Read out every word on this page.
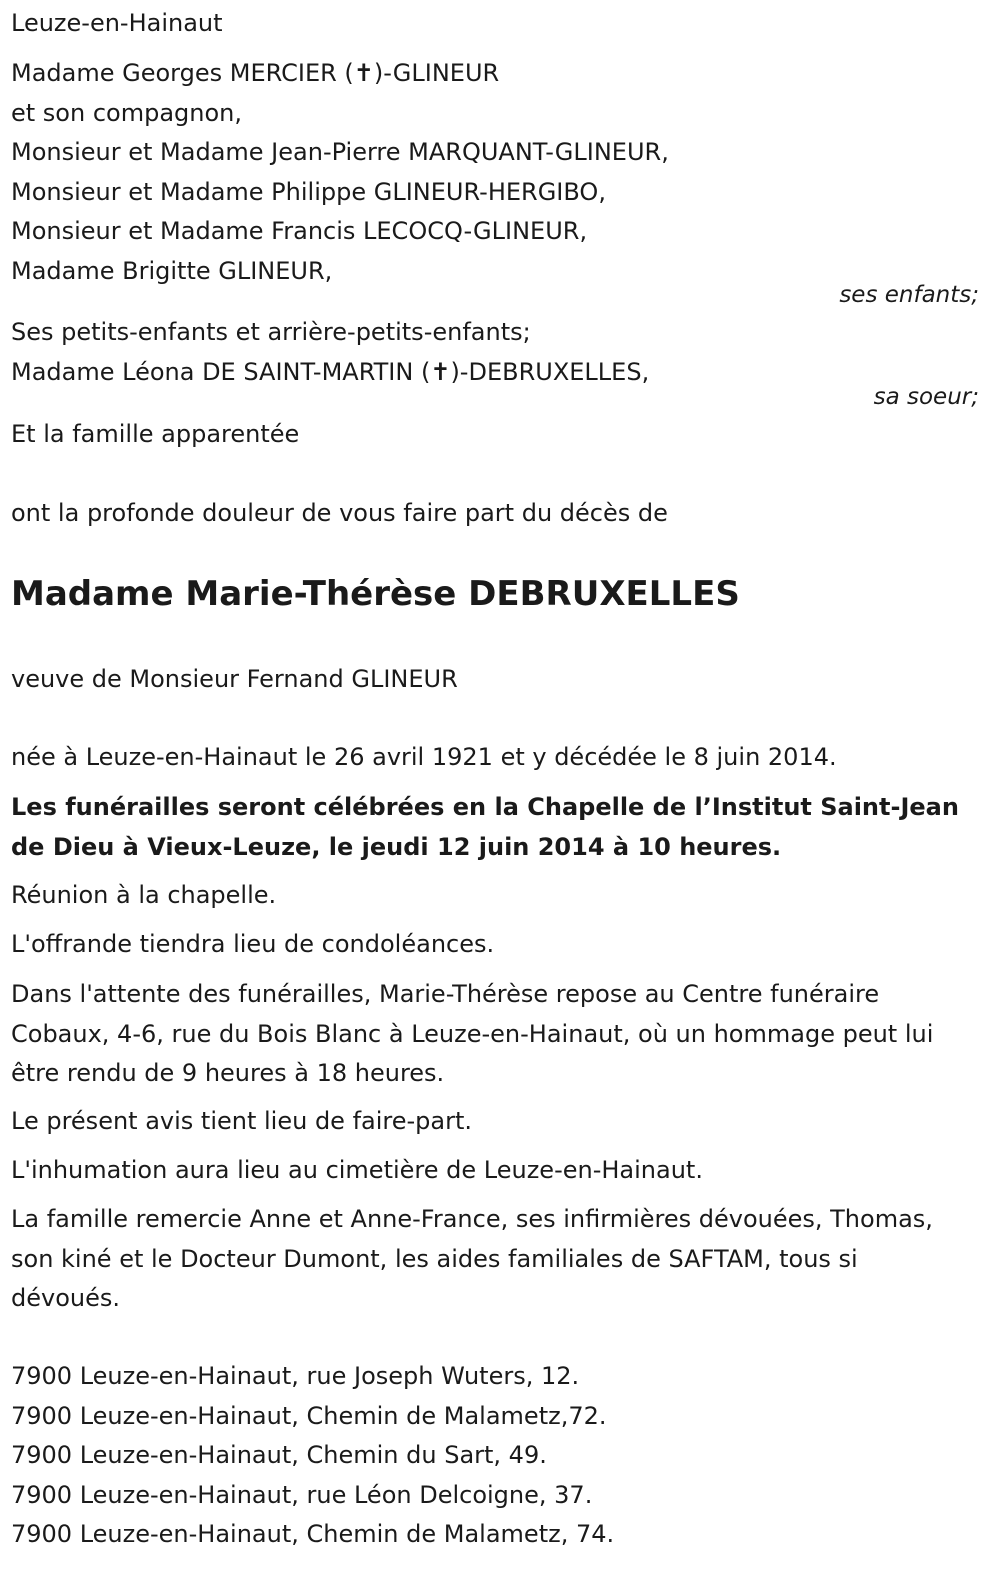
Leuze-en-Hainaut
Madame Georges MERCIER (✝)-GLINEUR
et son compagnon,
Monsieur et Madame Jean-Pierre MARQUANT-GLINEUR,
Monsieur et Madame Philippe GLINEUR-HERGIBO,
Monsieur et Madame Francis LECOCQ-GLINEUR,
Madame Brigitte GLINEUR,
ses enfants;
Ses petits-enfants et arrière-petits-enfants;
Madame Léona DE SAINT-MARTIN (✝)-DEBRUXELLES,
sa soeur;
Et la famille apparentée
ont la profonde douleur de vous faire part du décès de
Madame Marie-Thérèse DEBRUXELLES
veuve de Monsieur Fernand GLINEUR
née à Leuze-en-Hainaut le 26 avril 1921 et y décédée le 8 juin 2014.
Les funérailles seront célébrées en la Chapelle de l’Institut Saint-Jean de Dieu à Vieux-Leuze, le jeudi 12 juin 2014 à 10 heures.
Réunion à la chapelle.
L'offrande tiendra lieu de condoléances.
Dans l'attente des funérailles, Marie-Thérèse repose au Centre funéraire Cobaux, 4-6, rue du Bois Blanc à Leuze-en-Hainaut, où un hommage peut lui être rendu de 9 heures à 18 heures.
Le présent avis tient lieu de faire-part.
L'inhumation aura lieu au cimetière de Leuze-en-Hainaut.
La famille remercie Anne et Anne-France, ses infirmières dévouées, Thomas, son kiné et le Docteur Dumont, les aides familiales de SAFTAM, tous si dévoués.
7900 Leuze-en-Hainaut, rue Joseph Wuters, 12.
7900 Leuze-en-Hainaut, Chemin de Malametz,72.
7900 Leuze-en-Hainaut, Chemin du Sart, 49.
7900 Leuze-en-Hainaut, rue Léon Delcoigne, 37.
7900 Leuze-en-Hainaut, Chemin de Malametz, 74.
